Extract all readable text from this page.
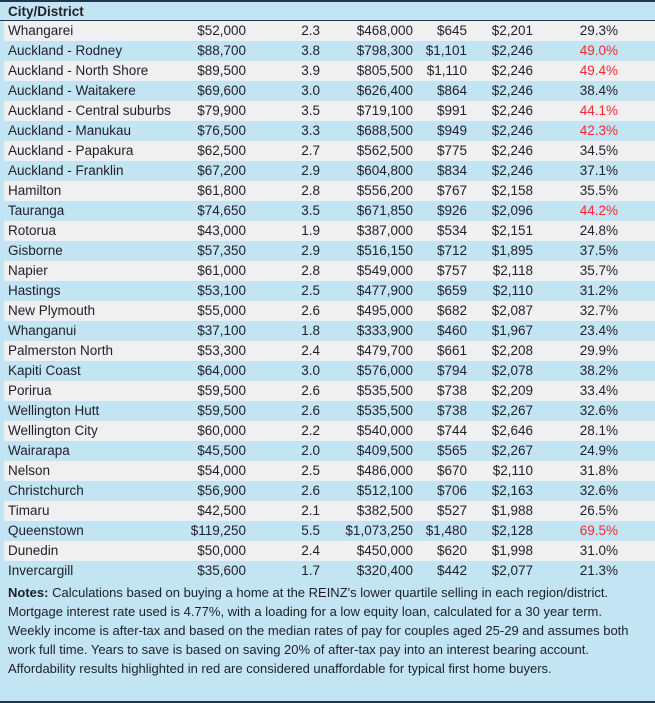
City/District
Whangarei	$52,000	2.3	$468,000	$645	$2,201	29.3%
Auckland - Rodney	$88,700	3.8	$798,300 $1,101	$2,246	49.0%
Auckland - North Shore	$89,500	3.9	$805,500	$1,110	$2,246	49.4%
Auckland - Waitakere	$69,600	3.0	$626,400	$864	$2,246	38.4%
Auckland - Central suburbs	$79,900	3.5	$719,100	$991	$2,246	44.1%
Auckland - Manukau	$76,500	3.3	$688,500	$949	$2,246	42.3%
Auckland - Papakura	$62,500	2.7	$562,500	$775	$2,246	34.5%
Auckland - Franklin	$67,200	2.9	$604,800	$834	$2,246	37.1%
Hamilton	$61,800	2.8	$556,200	$767	$2,158	35.5%
Tauranga	$74,650	3.5	$671,850	$926	$2,096	44.2%
Rotorua	$43,000	1.9	$387,000	$534	$2,151	24.8%
Gisborne	$57,350	2.9	$516,150	$712	$1,895	37.5%
Napier	$61,000	2.8	$549,000	$757	$2,118	35.7%
Hastings	$53,100	2.5	$477,900	$659	$2,110	31.2%
New Plymouth	$55,000	2.6	$495,000	$682	$2,087	32.7%
Whanganui	$37,100	1.8	$333,900	$460	$1,967	23.4%
Palmerston North	$53,300	2.4	$479,700	$661	$2,208	29.9%
Kapiti Coast	$64,000	3.0	$576,000	$794	$2,078	38.2%
Porirua	$59,500	2.6	$535,500	$738	$2,209	33.4%
Wellington Hutt	$59,500	2.6	$535,500	$738	$2,267	32.6%
Wellington City	$60,000	2.2	$540,000	$744	$2,646	28.1%
Wairarapa	$45,500	2.0	$409,500	$565	$2,267	24.9%
Nelson	$54,000	2.5	$486,000	$670	$2,110	31.8%
Christchurch	$56,900	2.6	$512,100	$706	$2,163	32.6%
Timaru	$42,500	2.1	$382,500	$527	$1,988	26.5%
Queenstown	$119,250	5.5	$1,073,250 $1,480	$2,128	69.5%
Dunedin	$50,000	2.4	$450,000	$620	$1,998	31.0%
Invercargill	$35,600	1.7	$320,400	$442	$2,077	21.3%
Notes: Calculations based on buying a home at the REINZ's lower quartile selling in each region/district. Mortgage interest rate used is 4.77%, with a loading for a low equity loan, calculated for a 30 year term. Weekly income is after-tax and based on the median rates of pay for couples aged 25-29 and assumes both work full time. Years to save is based on saving 20% of after-tax pay into an interest bearing account. Affordability results highlighted in red are considered unaffordable for typical first home buyers.
